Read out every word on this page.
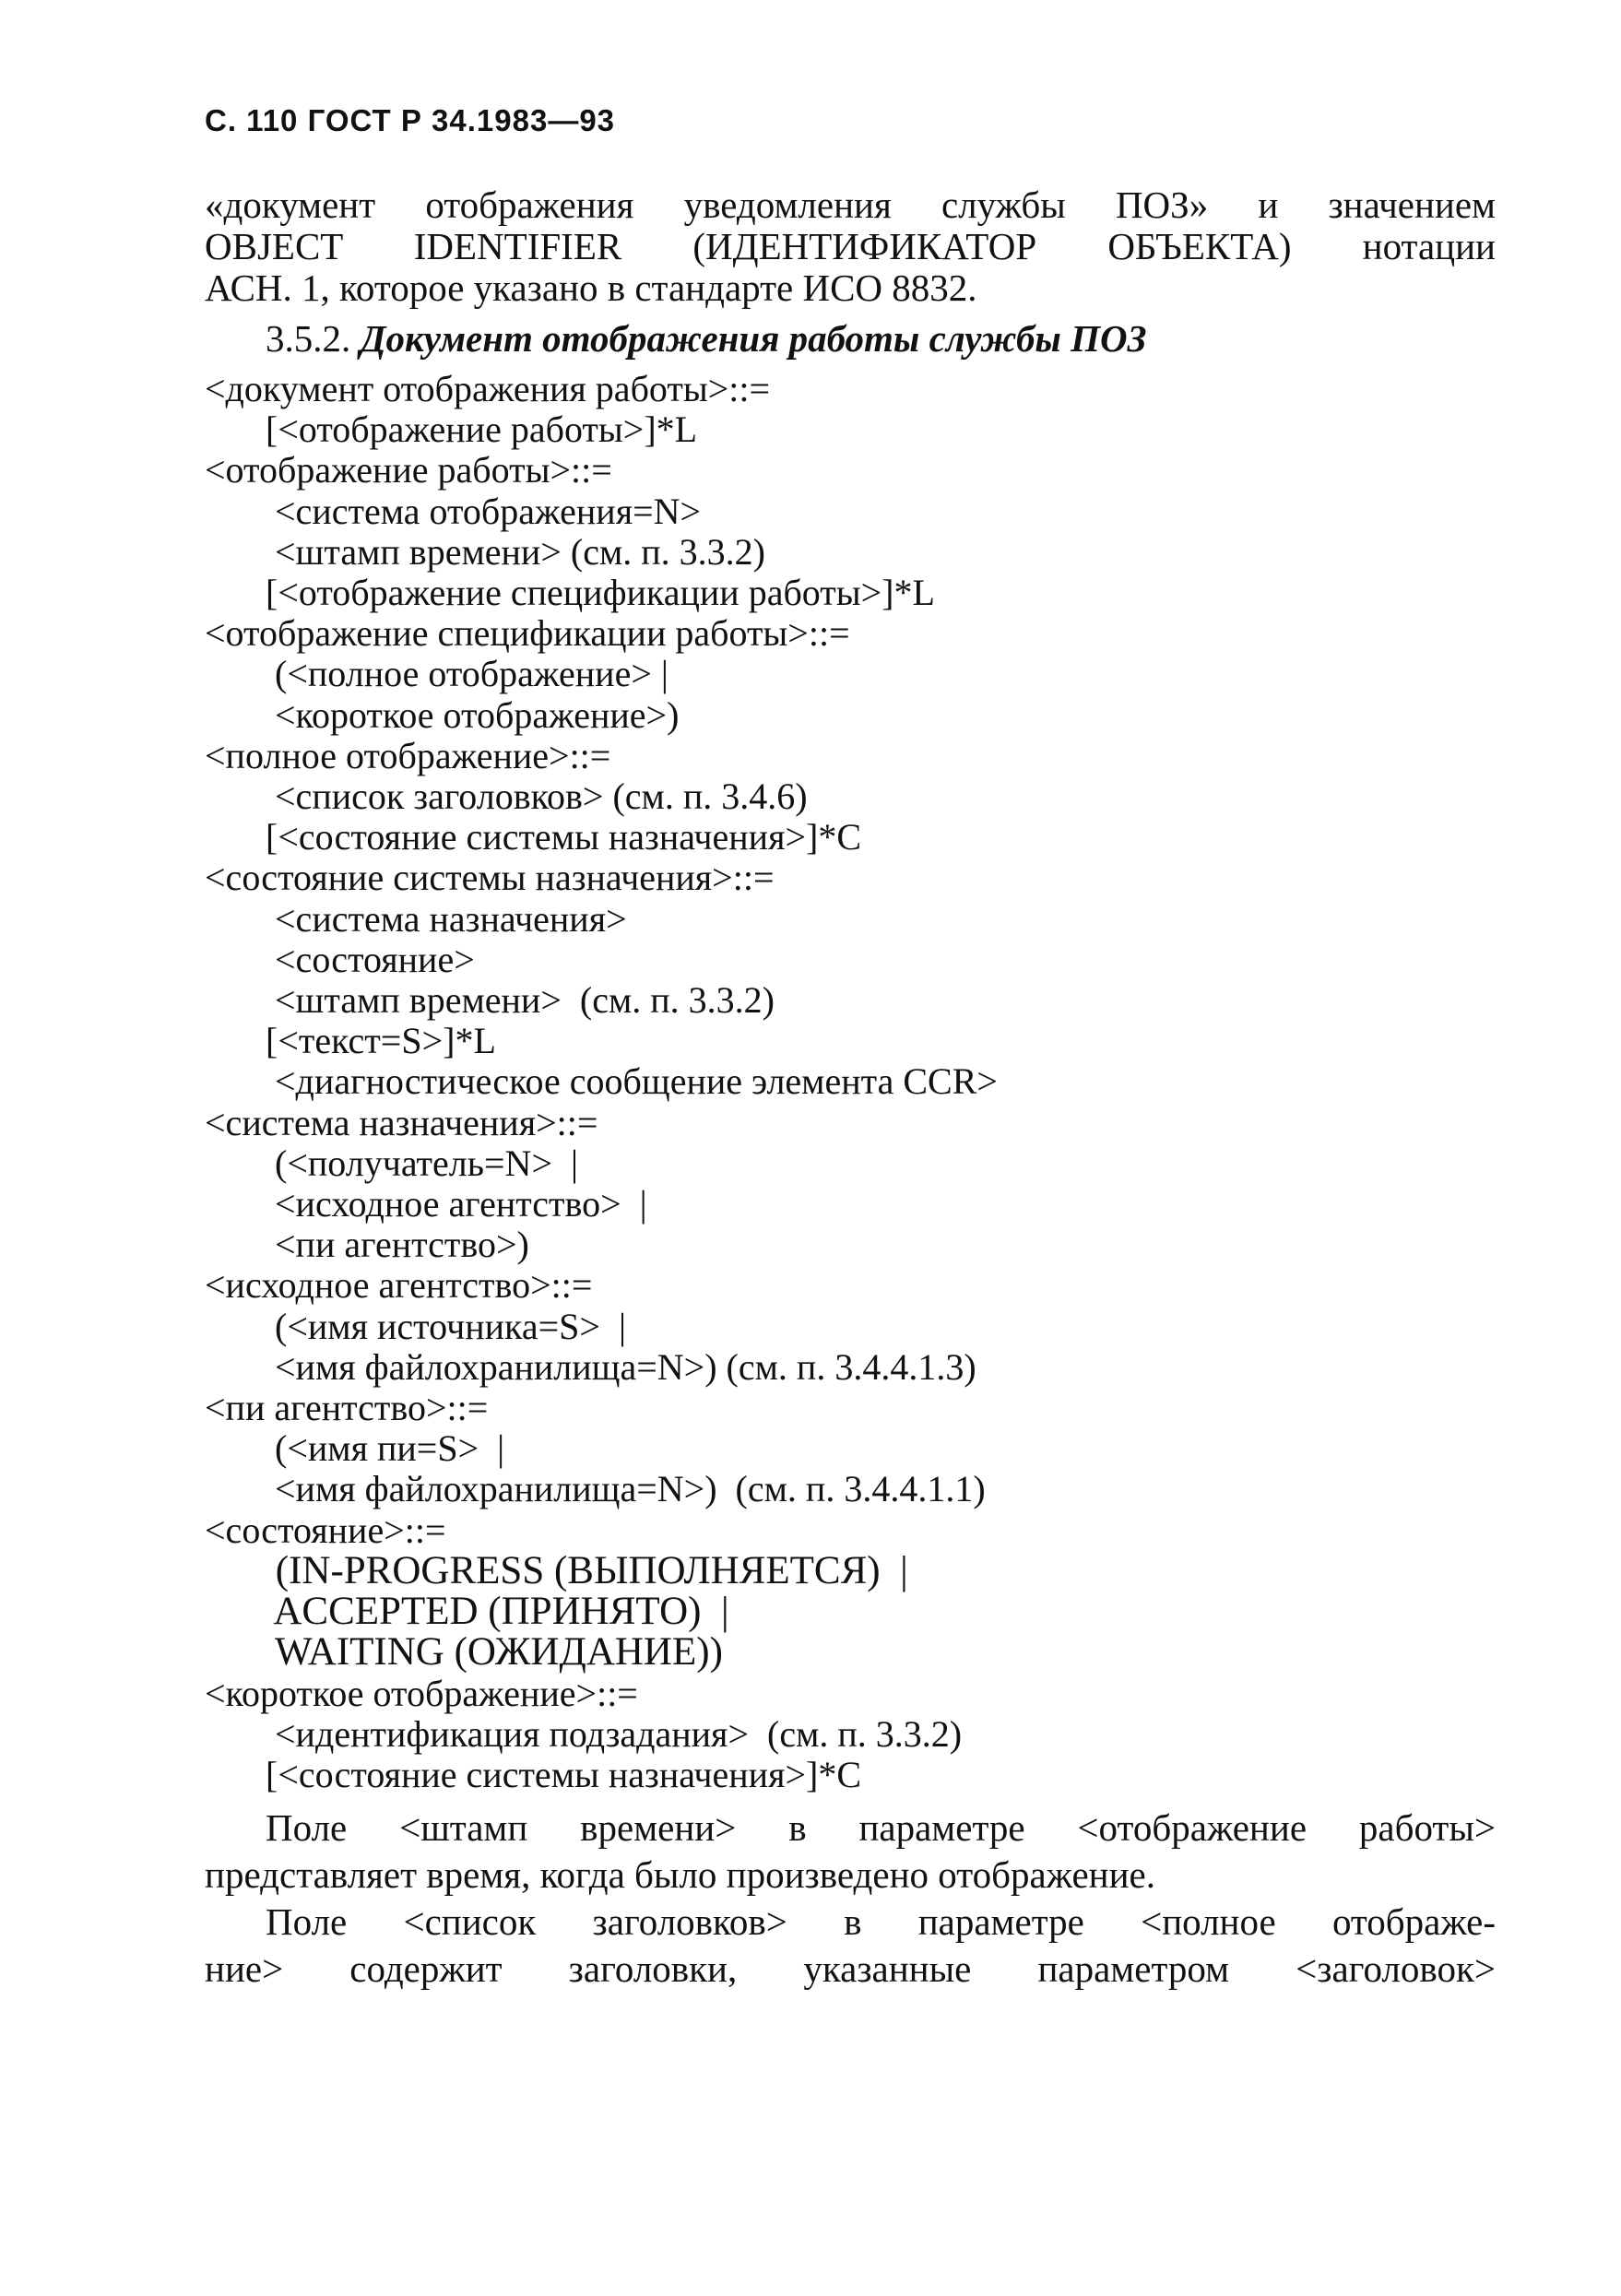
С. 110 ГОСТ Р 34.1983—93

«документ отображения уведомления службы ПОЗ» и значением

OBJECT IDENTIFIER (ИДЕНТИФИКАТОР ОБЪЕКТА) нотации

АСН. 1, которое указано в стандарте ИСО 8832.

3.5.2. Документ отображения работы службы ПОЗ
<документ отображения работы>::=
[<отображение работы>]*L
<отображение работы>::=
<система отображения=N>
<штамп времени> (см. п. 3.3.2)
[<отображение спецификации работы>]*L
<отображение спецификации работы>::=
(<полное отображение> |
<короткое отображение>)
<полное отображение>::=
<список заголовков> (см. п. 3.4.6)
[<состояние системы назначения>]*C
<состояние системы назначения>::=
<система назначения>
<состояние>
<штамп времени>  (см. п. 3.3.2)
[<текст=S>]*L
<диагностическое сообщение элемента CCR>
<система назначения>::=
(<получатель=N>  |
<исходное агентство>  |
<пи агентство>)
<исходное агентство>::=
(<имя источника=S>  |
<имя файлохранилища=N>) (см. п. 3.4.4.1.3)
<пи агентство>::=
(<имя пи=S>  |
<имя файлохранилища=N>)  (см. п. 3.4.4.1.1)
<состояние>::=
(IN-PROGRESS (ВЫПОЛНЯЕТСЯ)  |
ACCEPTED (ПРИНЯТО)  |
WAITING (ОЖИДАНИЕ))
<короткое отображение>::=
<идентификация подзадания>  (см. п. 3.3.2)
[<состояние системы назначения>]*C

Поле <штамп времени> в параметре <отображение работы>

представляет время, когда было произведено отображение.

Поле <список заголовков> в параметре <полное отображе-

ние> содержит заголовки, указанные параметром <заголовок>
